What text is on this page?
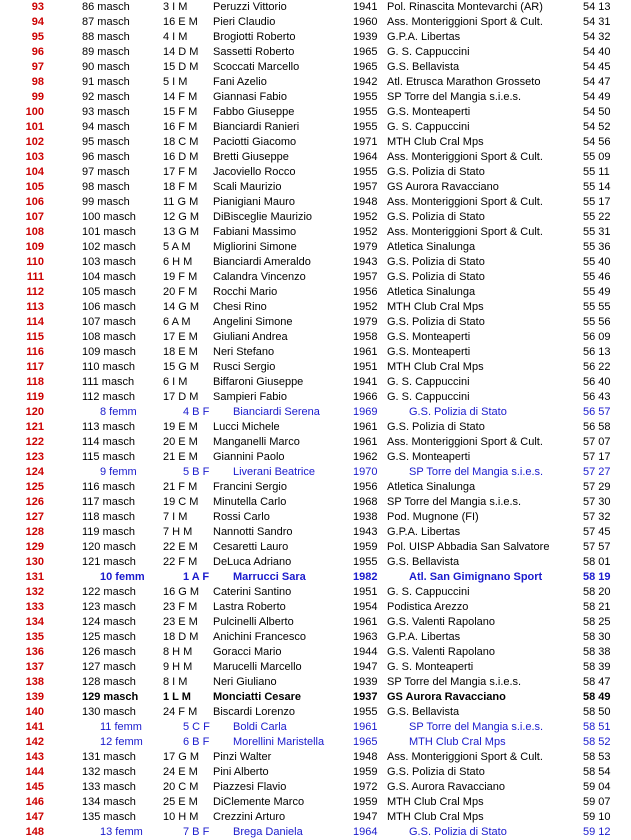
93	86 masch	3 I M Peruzzi Vittorio	1941 Pol. Rinascita Montevarchi (AR)	54 13
94	87 masch	16 E M Pieri Claudio	1960 Ass. Monteriggioni Sport & Cult.	54 31
95	88 masch	4 I M Brogiotti Roberto	1939 G.P.A. Libertas	54 32
96	89 masch	14 D M Sassetti Roberto	1965 G. S. Cappuccini	54 40
97	90 masch	15 D M Scoccati Marcello	1965 G.S. Bellavista	54 45
98	91 masch	5 I M Fani Azelio	1942 Atl. Etrusca Marathon Grosseto	54 47
99	92 masch	14 F M Giannasi Fabio	1955 SP Torre del Mangia s.i.e.s.	54 49
100	93 masch	15 F M Fabbo Giuseppe	1955 G.S. Monteaperti	54 50
101	94 masch	16 F M Bianciardi Ranieri	1955 G. S. Cappuccini	54 52
102	95 masch	18 C M Paciotti Giacomo	1971 MTH Club Cral Mps	54 56
103	96 masch	16 D M Bretti Giuseppe	1964 Ass. Monteriggioni Sport & Cult.	55 09
104	97 masch	17 F M Jacoviello Rocco	1955 G.S. Polizia di Stato	55 11
105	98 masch	18 F M Scali Maurizio	1957 GS Aurora Ravacciano	55 14
106	99 masch	11 G M Pianigiani Mauro	1948 Ass. Monteriggioni Sport & Cult.	55 17
107	100 masch 12 G M DiBisceglie Maurizio	1952 G.S. Polizia di Stato	55 22
108	101 masch 13 G M Fabiani Massimo	1952 Ass. Monteriggioni Sport & Cult.	55 31
109	102 masch 5 A M Migliorini Simone	1979 Atletica Sinalunga	55 36
110	103 masch 6 H M Bianciardi Ameraldo	1943 G.S. Polizia di Stato	55 40
111	104 masch 19 F M Calandra Vincenzo	1957 G.S. Polizia di Stato	55 46
112	105 masch 20 F M Rocchi Mario	1956 Atletica Sinalunga	55 49
113	106 masch 14 G M Chesi Rino	1952 MTH Club Cral Mps	55 55
114	107 masch 6 A M Angelini Simone	1979 G.S. Polizia di Stato	55 56
115	108 masch 17 E M Giuliani Andrea	1958 G.S. Monteaperti	56 09
116	109 masch 18 E M Neri Stefano	1961 G.S. Monteaperti	56 13
117	110 masch	15 G M Rusci Sergio	1951 MTH Club Cral Mps	56 22
118	111 masch	6 I M Biffaroni Giuseppe	1941 G. S. Cappuccini	56 40
119	112 masch	17 D M Sampieri Fabio	1966 G. S. Cappuccini	56 43
120	8 femm	4 B F Bianciardi Serena	1969	G.S. Polizia di Stato	56 57
121	113 masch	19 E M Lucci Michele	1961 G.S. Polizia di Stato	56 58
122	114 masch	20 E M Manganelli Marco	1961 Ass. Monteriggioni Sport & Cult.	57 07
123	115 masch	21 E M Giannini Paolo	1962 G.S. Monteaperti	57 17
124	9 femm	5 B F Liverani Beatrice	1970	SP Torre del Mangia s.i.e.s.	57 27
125	116 masch	21 F M Francini Sergio	1956 Atletica Sinalunga	57 29
126	117 masch	19 C M Minutella Carlo	1968 SP Torre del Mangia s.i.e.s.	57 30
127	118 masch	7 I M Rossi Carlo	1938 Pod. Mugnone (FI)	57 32
128	119 masch	7 H M Nannotti Sandro	1943 G.P.A. Libertas	57 45
129	120 masch 22 E M Cesaretti Lauro	1959 Pol. UISP Abbadia San Salvatore	57 57
130	121 masch 22 F M DeLuca Adriano	1955 G.S. Bellavista	58 01
131	10 femm	1 A F Marrucci Sara	1982	Atl. San Gimignano Sport	58 19
132	122 masch 16 G M Caterini Santino	1951 G. S. Cappuccini	58 20
133	123 masch 23 F M Lastra Roberto	1954 Podistica Arezzo	58 21
134	124 masch 23 E M Pulcinelli Alberto	1961 G.S. Valenti Rapolano	58 25
135	125 masch 18 D M Anichini Francesco	1963 G.P.A. Libertas	58 30
136	126 masch 8 H M Goracci Mario	1944 G.S. Valenti Rapolano	58 38
137	127 masch 9 H M Marucelli Marcello	1947 G. S. Monteaperti	58 39
138	128 masch 8 I M Neri Giuliano	1939 SP Torre del Mangia s.i.e.s.	58 47
139	129 masch 1 L M Monciatti Cesare	1937 GS Aurora Ravacciano	58 49
140	130 masch 24 F M Biscardi Lorenzo	1955 G.S. Bellavista	58 50
141	11 femm	5 C F Boldi Carla	1961	SP Torre del Mangia s.i.e.s.	58 51
142	12 femm	6 B F Morellini Maristella	1965	MTH Club Cral Mps	58 52
143	131 masch 17 G M Pinzi Walter	1948 Ass. Monteriggioni Sport & Cult.	58 53
144	132 masch 24 E M Pini Alberto	1959 G.S. Polizia di Stato	58 54
145	133 masch 20 C M Piazzesi Flavio	1972 G.S. Aurora Ravacciano	59 04
146	134 masch 25 E M DiClemente Marco	1959 MTH Club Cral Mps	59 07
147	135 masch 10 H M Crezzini Arturo	1947 MTH Club Cral Mps	59 10
148	13 femm	7 B F Brega Daniela	1964	G.S. Polizia di Stato	59 12
